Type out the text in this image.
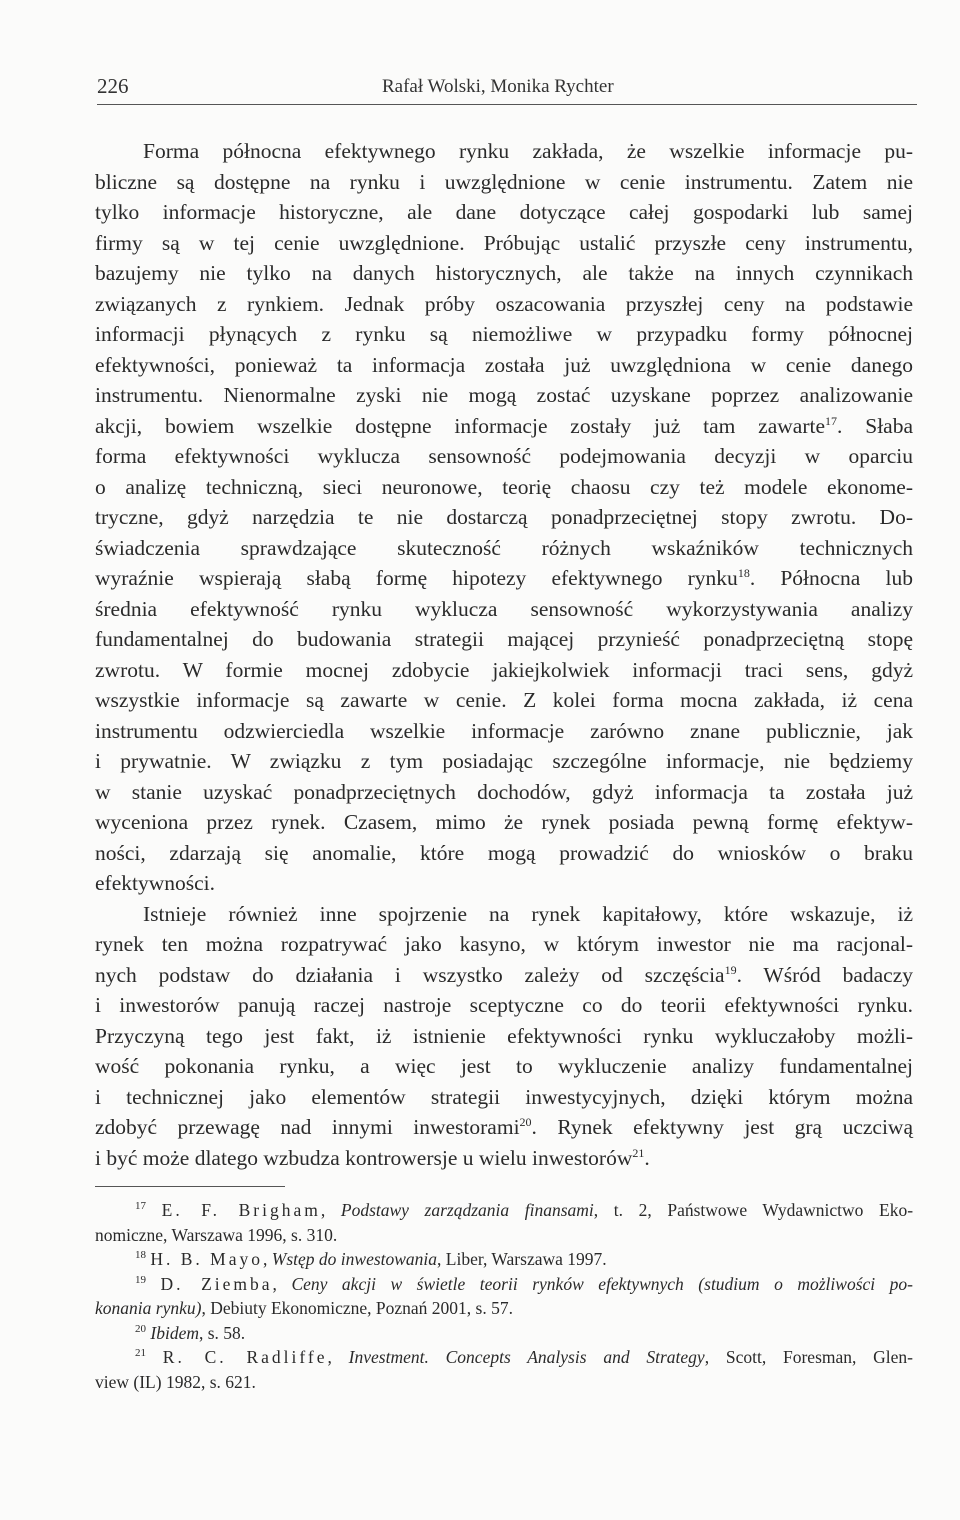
226	Rafał Wolski, Monika Rychter
Forma północna efektywnego rynku zakłada, że wszelkie informacje pu-
bliczne są dostępne na rynku i uwzględnione w cenie instrumentu. Zatem nie
tylko informacje historyczne, ale dane dotyczące całej gospodarki lub samej
firmy są w tej cenie uwzględnione. Próbując ustalić przyszłe ceny instrumentu,
bazujemy nie tylko na danych historycznych, ale także na innych czynnikach
związanych z rynkiem. Jednak próby oszacowania przyszłej ceny na podstawie
informacji płynących z rynku są niemożliwe w przypadku formy północnej
efektywności, ponieważ ta informacja została już uwzględniona w cenie danego
instrumentu. Nienormalne zyski nie mogą zostać uzyskane poprzez analizowanie
akcji, bowiem wszelkie dostępne informacje zostały już tam zawarte$^{17}$. Słaba
forma efektywności wyklucza sensowność podejmowania decyzji w oparciu
o analizę techniczną, sieci neuronowe, teorię chaosu czy też modele ekonome-
tryczne, gdyż narzędzia te nie dostarczą ponadprzeciętnej stopy zwrotu. Do-
świadczenia sprawdzające skuteczność różnych wskaźników technicznych
wyraźnie wspierają słabą formę hipotezy efektywnego rynku$^{18}$. Północna lub
średnia efektywność rynku wyklucza sensowność wykorzystywania analizy
fundamentalnej do budowania strategii mającej przynieść ponadprzeciętną stopę
zwrotu. W formie mocnej zdobycie jakiejkolwiek informacji traci sens, gdyż
wszystkie informacje są zawarte w cenie. Z kolei forma mocna zakłada, iż cena
instrumentu odzwierciedla wszelkie informacje zarówno znane publicznie, jak
i prywatnie. W związku z tym posiadając szczególne informacje, nie będziemy
w stanie uzyskać ponadprzeciętnych dochodów, gdyż informacja ta została już
wyceniona przez rynek. Czasem, mimo że rynek posiada pewną formę efektyw-
ności, zdarzają się anomalie, które mogą prowadzić do wniosków o braku
efektywności.
Istnieje również inne spojrzenie na rynek kapitałowy, które wskazuje, iż
rynek ten można rozpatrywać jako kasyno, w którym inwestor nie ma racjonal-
nych podstaw do działania i wszystko zależy od szczęścia$^{19}$. Wśród badaczy
i inwestorów panują raczej nastroje sceptyczne co do teorii efektywności rynku.
Przyczyną tego jest fakt, iż istnienie efektywności rynku wykluczałoby możli-
wość pokonania rynku, a więc jest to wykluczenie analizy fundamentalnej
i technicznej jako elementów strategii inwestycyjnych, dzięki którym można
zdobyć przewagę nad innymi inwestorami$^{20}$. Rynek efektywny jest grą uczciwą
i być może dlatego wzbudza kontrowersje u wielu inwestorów$^{21}$.
$^{17}$ E. F. Brigham, Podstawy zarządzania finansami, t. 2, Państwowe Wydawnictwo Eko-
nomiczne, Warszawa 1996, s. 310.
$^{18}$ H. B. Mayo, Wstęp do inwestowania, Liber, Warszawa 1997.
$^{19}$ D. Ziemba, Ceny akcji w świetle teorii rynków efektywnych (studium o możliwości po-
konania rynku), Debiuty Ekonomiczne, Poznań 2001, s. 57.
$^{20}$ Ibidem, s. 58.
$^{21}$ R. C. Radliffe, Investment. Concepts Analysis and Strategy, Scott, Foresman, Glen-
view (IL) 1982, s. 621.
